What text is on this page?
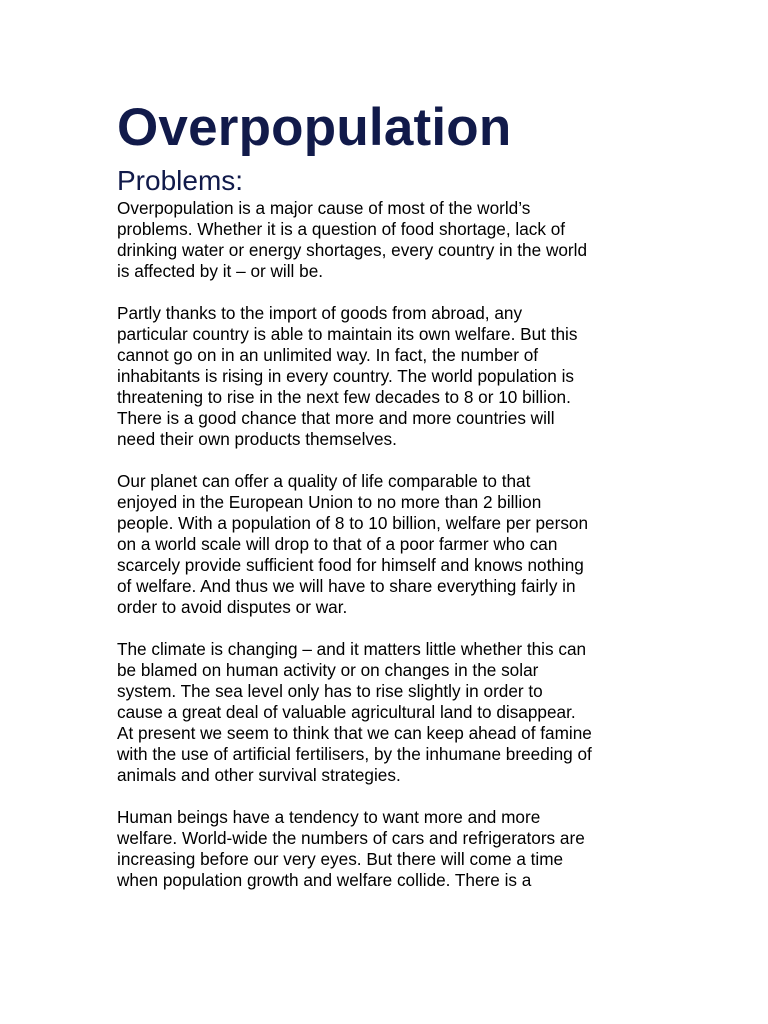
Overpopulation
Problems:

Overpopulation is a major cause of most of the world’s
problems. Whether it is a question of food shortage, lack of
drinking water or energy shortages, every country in the world
is affected by it – or will be.

Partly thanks to the import of goods from abroad, any
particular country is able to maintain its own welfare. But this
cannot go on in an unlimited way. In fact, the number of
inhabitants is rising in every country. The world population is
threatening to rise in the next few decades to 8 or 10 billion.
There is a good chance that more and more countries will
need their own products themselves.

Our planet can offer a quality of life comparable to that
enjoyed in the European Union to no more than 2 billion
people. With a population of 8 to 10 billion, welfare per person
on a world scale will drop to that of a poor farmer who can
scarcely provide sufficient food for himself and knows nothing
of welfare. And thus we will have to share everything fairly in
order to avoid disputes or war.

The climate is changing – and it matters little whether this can
be blamed on human activity or on changes in the solar
system. The sea level only has to rise slightly in order to
cause a great deal of valuable agricultural land to disappear.
At present we seem to think that we can keep ahead of famine
with the use of artificial fertilisers, by the inhumane breeding of
animals and other survival strategies.

Human beings have a tendency to want more and more
welfare. World-wide the numbers of cars and refrigerators are
increasing before our very eyes. But there will come a time
when population growth and welfare collide. There is a
